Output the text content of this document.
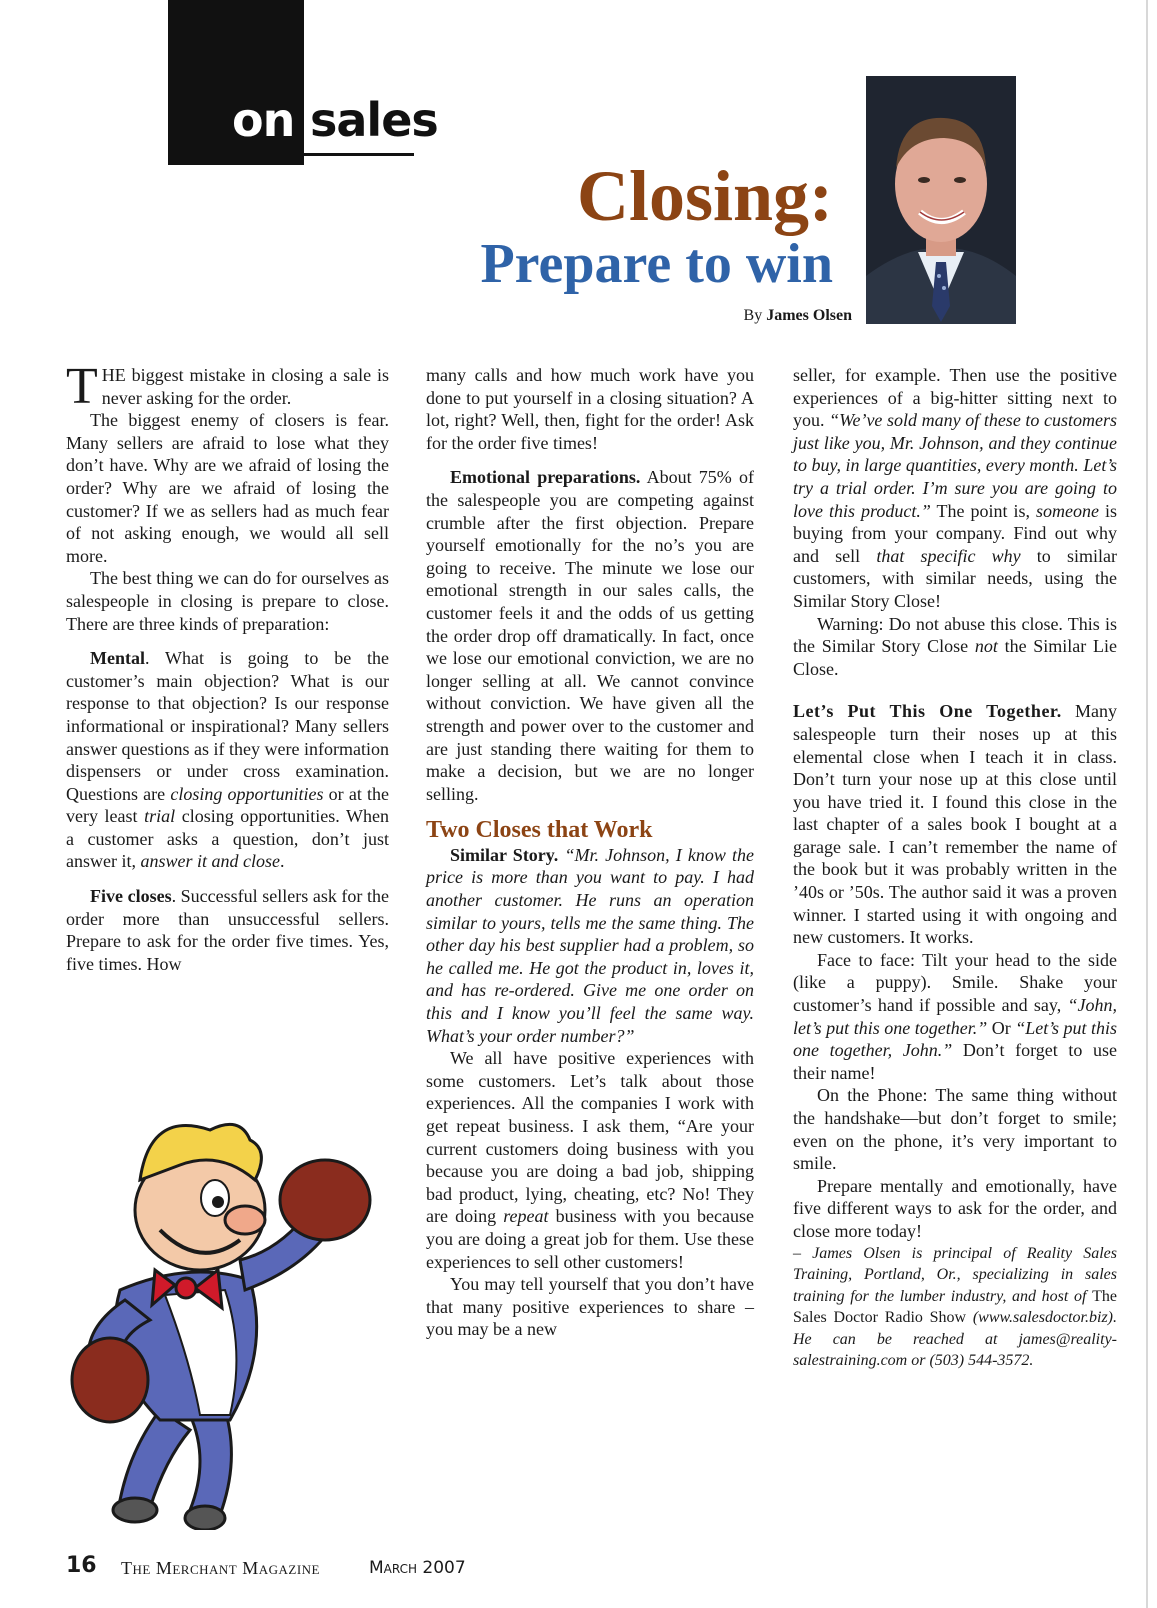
on sales
Closing:
Prepare to win
By James Olsen

THE biggest mistake in closing a sale is never asking for the order.

The biggest enemy of closers is fear. Many sellers are afraid to lose what they don’t have. Why are we afraid of losing the order? Why are we afraid of losing the customer? If we as sellers had as much fear of not asking enough, we would all sell more.

The best thing we can do for ourselves as salespeople in closing is prepare to close. There are three kinds of preparation:

Mental. What is going to be the customer’s main objection? What is our response to that objection? Is our response informational or inspirational? Many sellers answer questions as if they were information dispensers or under cross examination. Questions are closing opportunities or at the very least trial closing opportunities. When a customer asks a question, don’t just answer it, answer it and close.

Five closes. Successful sellers ask for the order more than unsuccessful sellers. Prepare to ask for the order five times. Yes, five times. How

many calls and how much work have you done to put yourself in a closing situation? A lot, right? Well, then, fight for the order! Ask for the order five times!

Emotional preparations. About 75% of the salespeople you are competing against crumble after the first objection. Prepare yourself emotionally for the no’s you are going to receive. The minute we lose our emotional strength in our sales calls, the customer feels it and the odds of us getting the order drop off dramatically. In fact, once we lose our emotional conviction, we are no longer selling at all. We cannot convince without conviction. We have given all the strength and power over to the customer and are just standing there waiting for them to make a decision, but we are no longer selling.

Two Closes that Work

Similar Story. “Mr. Johnson, I know the price is more than you want to pay. I had another customer. He runs an operation similar to yours, tells me the same thing. The other day his best supplier had a problem, so he called me. He got the product in, loves it, and has re-ordered. Give me one order on this and I know you’ll feel the same way. What’s your order number?”

We all have positive experiences with some customers. Let’s talk about those experiences. All the companies I work with get repeat business. I ask them, “Are your current customers doing business with you because you are doing a bad job, shipping bad product, lying, cheating, etc? No! They are doing repeat business with you because you are doing a great job for them. Use these experiences to sell other customers!

You may tell yourself that you don’t have that many positive experiences to share – you may be a new

seller, for example. Then use the positive experiences of a big-hitter sitting next to you. “We’ve sold many of these to customers just like you, Mr. Johnson, and they continue to buy, in large quantities, every month. Let’s try a trial order. I’m sure you are going to love this product.” The point is, someone is buying from your company. Find out why and sell that specific why to similar customers, with similar needs, using the Similar Story Close!

Warning: Do not abuse this close. This is the Similar Story Close not the Similar Lie Close.

Let’s Put This One Together. Many salespeople turn their noses up at this elemental close when I teach it in class. Don’t turn your nose up at this close until you have tried it. I found this close in the last chapter of a sales book I bought at a garage sale. I can’t remember the name of the book but it was probably written in the ’40s or ’50s. The author said it was a proven winner. I started using it with ongoing and new customers. It works.

Face to face: Tilt your head to the side (like a puppy). Smile. Shake your customer’s hand if possible and say, “John, let’s put this one together.” Or “Let’s put this one together, John.” Don’t forget to use their name!

On the Phone: The same thing without the handshake—but don’t forget to smile; even on the phone, it’s very important to smile.

Prepare mentally and emotionally, have five different ways to ask for the order, and close more today!

– James Olsen is principal of Reality Sales Training, Portland, Or., specializing in sales training for the lumber industry, and host of The Sales Doctor Radio Show (www.salesdoctor.biz). He can be reached at james@reality-salestraining.com or (503) 544-3572.

16 The Merchant Magazine	March 2007
